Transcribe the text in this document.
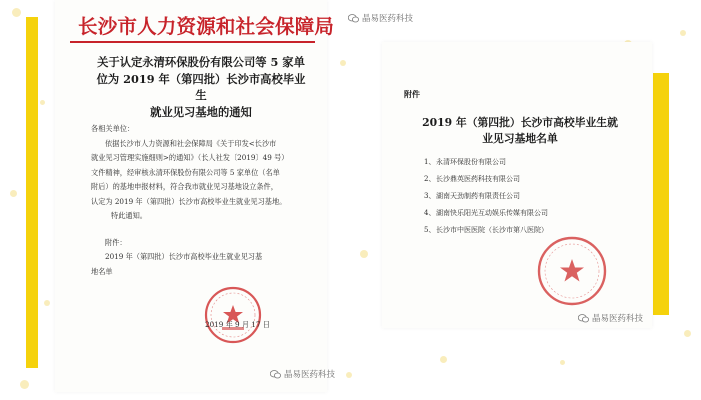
晶易医药科技
长沙市人力资源和社会保障局
关于认定永清环保股份有限公司等 5 家单
位为 2019 年（第四批）长沙市高校毕业生
就业见习基地的通知
各相关单位：
依据长沙市人力资源和社会保障局《关于印发<长沙市
就业见习管理实施细则>的通知》（长人社发〔2019〕49 号）
文件精神，经审核永清环保股份有限公司等 5 家单位（名单
附后）的基地申报材料，符合我市就业见习基地设立条件，
认定为 2019 年（第四批）长沙市高校毕业生就业见习基地。
特此通知。
附件：
2019 年（第四批）长沙市高校毕业生就业见习基
地名单
2019 年 9 月 17 日
晶易医药科技
附件
2019 年（第四批）长沙市高校毕业生就
业见习基地名单
1、永清环保股份有限公司
2、长沙鼎英医药科技有限公司
3、湖南天劲制药有限责任公司
4、湖南快乐阳光互动娱乐传媒有限公司
5、长沙市中医医院（长沙市第八医院）
晶易医药科技
